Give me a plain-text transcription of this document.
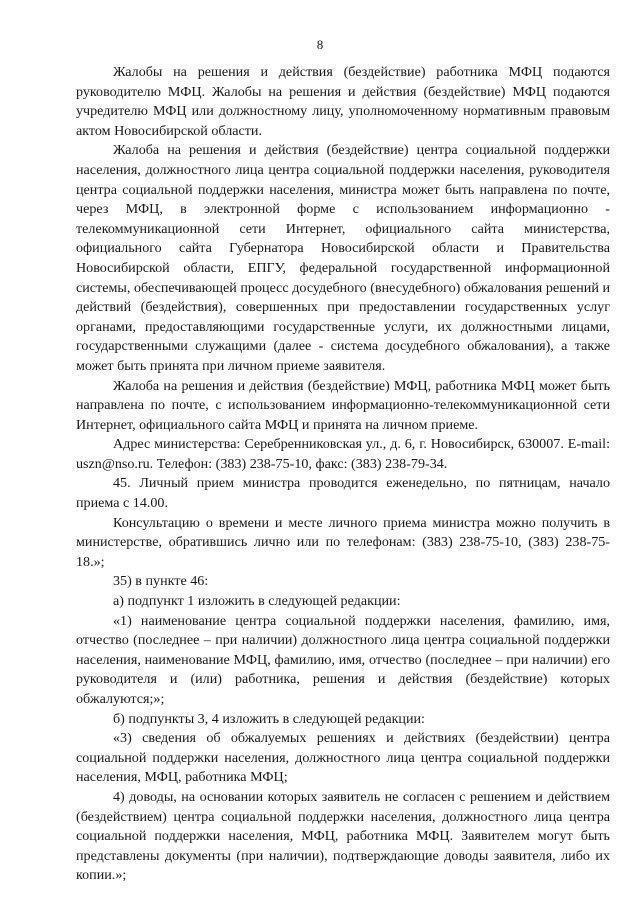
8

Жалобы на решения и действия (бездействие) работника МФЦ подаются руководителю МФЦ. Жалобы на решения и действия (бездействие) МФЦ подаются учредителю МФЦ или должностному лицу, уполномоченному нормативным правовым актом Новосибирской области.

Жалоба на решения и действия (бездействие) центра социальной поддержки населения, должностного лица центра социальной поддержки населения, руководителя центра социальной поддержки населения, министра может быть направлена по почте, через МФЦ, в электронной форме с использованием информационно - телекоммуникационной сети Интернет, официального сайта министерства, официального сайта Губернатора Новосибирской области и Правительства Новосибирской области, ЕПГУ, федеральной государственной информационной системы, обеспечивающей процесс досудебного (внесудебного) обжалования решений и действий (бездействия), совершенных при предоставлении государственных услуг органами, предоставляющими государственные услуги, их должностными лицами, государственными служащими (далее - система досудебного обжалования), а также может быть принята при личном приеме заявителя.

Жалоба на решения и действия (бездействие) МФЦ, работника МФЦ может быть направлена по почте, с использованием информационно-телекоммуникационной сети Интернет, официального сайта МФЦ и принята на личном приеме.

Адрес министерства: Серебренниковская ул., д. 6, г. Новосибирск, 630007. E-mail: uszn@nso.ru. Телефон: (383) 238-75-10, факс: (383) 238-79-34.

45. Личный прием министра проводится еженедельно, по пятницам, начало приема с 14.00.

Консультацию о времени и месте личного приема министра можно получить в министерстве, обратившись лично или по телефонам: (383) 238-75-10, (383) 238-75-18.»;

35) в пункте 46:

а) подпункт 1 изложить в следующей редакции:

«1) наименование центра социальной поддержки населения, фамилию, имя, отчество (последнее – при наличии) должностного лица центра социальной поддержки населения, наименование МФЦ, фамилию, имя, отчество (последнее – при наличии) его руководителя и (или) работника, решения и действия (бездействие) которых обжалуются;»;

б) подпункты 3, 4 изложить в следующей редакции:

«3) сведения об обжалуемых решениях и действиях (бездействии) центра социальной поддержки населения, должностного лица центра социальной поддержки населения, МФЦ, работника МФЦ;

4) доводы, на основании которых заявитель не согласен с решением и действием (бездействием) центра социальной поддержки населения, должностного лица центра социальной поддержки населения, МФЦ, работника МФЦ. Заявителем могут быть представлены документы (при наличии), подтверждающие доводы заявителя, либо их копии.»;
